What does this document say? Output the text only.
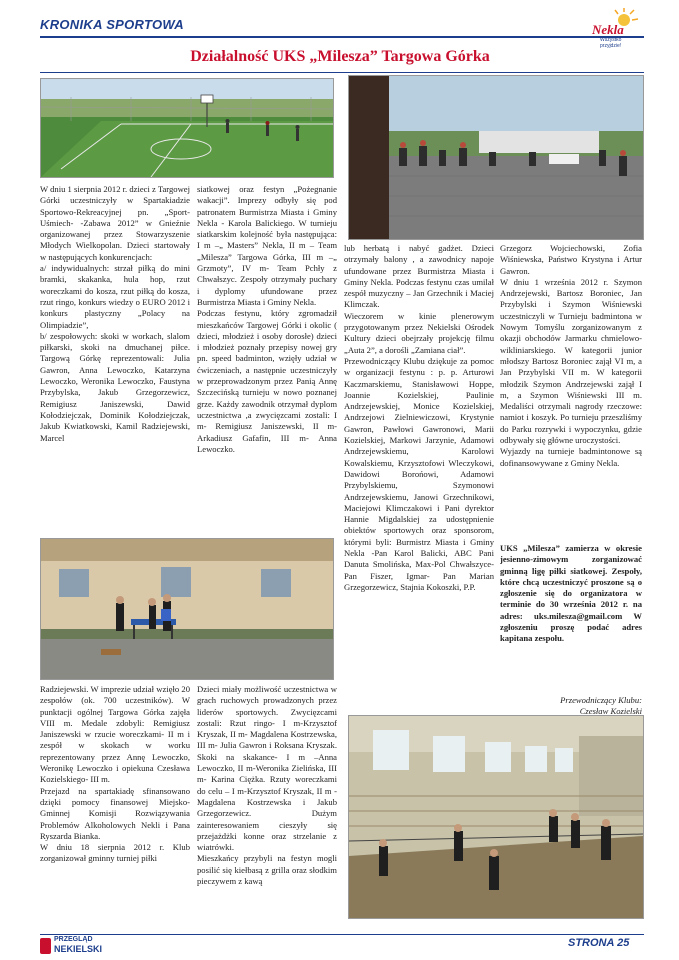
KRONIKA SPORTOWA	Nekla
Wszystko przyjdzie!
Działalność UKS „Milesza” Targowa Górka
W dniu 1 sierpnia 2012 r. dzieci z Targowej Górki uczestniczyły w Spartakiadzie Sportowo-Rekreacyjnej pn. „Sport- Uśmiech- -Zabawa 2012” w Gnieźnie organizowanej przez Stowarzyszenie Młodych Wielkopolan. Dzieci startowały w następujących konkurencjach:
a/ indywidualnych: strzał piłką do mini bramki, skakanka, hula hop, rzut woreczkami do kosza, rzut piłką do kosza, rzut ringo, konkurs wiedzy o EURO 2012 i konkurs plastyczny „Polacy na Olimpiadzie”,
b/ zespołowych: skoki w workach, slalom piłkarski, skoki na dmuchanej piłce. Targową Górkę reprezentowali: Julia Gawron, Anna Lewoczko, Katarzyna Lewoczko, Weronika Lewoczko, Faustyna Przybylska, Jakub Grzegorzewicz, Remigiusz Janiszewski, Dawid Kołodziejczak, Dominik Kołodziejczak, Jakub Kwiatkowski, Kamil Radziejewski, Marcel
siatkowej oraz festyn „Pożegnanie wakacji”. Imprezy odbyły się pod patronatem Burmistrza Miasta i Gminy Nekla - Karola Balickiego. W turnieju siatkarskim kolejność była następująca: I m –„ Masters” Nekla, II m – Team „Milesza” Targowa Górka, III m –„ Grzmoty”, IV m- Team Pchły z Chwałszyc. Zespoły otrzymały puchary i dyplomy ufundowane przez Burmistrza Miasta i Gminy Nekla.
Podczas festynu, który zgromadził mieszkańców Targowej Górki i okolic ( dzieci, młodzież i osoby dorosłe) dzieci i młodzież poznały przepisy nowej gry pn. speed badminton, wzięły udział w ćwiczeniach, a następnie uczestniczyły w przeprowadzonym przez Panią Annę Szczecińską turnieju w nowo poznanej grze. Każdy zawodnik otrzymał dyplom uczestnictwa ,a zwycięzcami zostali: I m- Remigiusz Janiszewski, II m- Arkadiusz Gafafin, III m- Anna Lewoczko.
lub herbatą i nabyć gadżet. Dzieci otrzymały balony , a zawodnicy napoje ufundowane przez Burmistrza Miasta i Gminy Nekla. Podczas festynu czas umilał zespół muzyczny – Jan Grzechnik i Maciej Klimczak.
Wieczorem w kinie plenerowym przygotowanym przez Nekielski Ośrodek Kultury dzieci obejrzały projekcję filmu „Auta 2”, a dorośli „Zamiana ciał”.
Przewodniczący Klubu dziękuje za pomoc w organizacji festynu : p. p. Arturowi Kaczmarskiemu, Stanisławowi Hoppe, Joannie Kozielskiej, Paulinie Andrzejewskiej, Monice Kozielskiej, Andrzejowi Zielniewiczowi, Krystynie Gawron, Pawłowi Gawronowi, Marii Kozielskiej, Markowi Jarzynie, Adamowi Andrzejewskiemu, Karolowi Kowalskiemu, Krzysztofowi Wleczykowi, Dawidowi Borońowi, Adamowi Przybylskiemu, Szymonowi Andrzejewskiemu, Janowi Grzechnikowi, Maciejowi Klimczakowi i Pani dyrektor Hannie Migdalskiej za udostępnienie obiektów sportowych oraz sponsorom, którymi byli: Burmistrz Miasta i Gminy Nekla -Pan Karol Balicki, ABC Pani Danuta Smolińska, Max-Pol Chwałszyce- Pan Fiszer, Igmar- Pan Marian Grzegorzewicz, Stajnia Kokoszki, P.P.
Grzegorz Wojciechowski, Zofia Wiśniewska, Państwo Krystyna i Artur Gawron.
W dniu 1 września 2012 r. Szymon Andrzejewski, Bartosz Boroniec, Jan Przybylski i Szymon Wiśniewski uczestniczyli w Turnieju badmintona w Nowym Tomyślu zorganizowanym z okazji obchodów Jarmarku chmielowo-wikliniarskiego. W kategorii junior młodszy Bartosz Boroniec zajął VI m, a Jan Przybylski VII m. W kategorii młodzik Szymon Andrzejewski zajął I m, a Szymon Wiśniewski III m. Medaliści otrzymali nagrody rzeczowe: namiot i koszyk. Po turnieju przeszliśmy do Parku rozrywki i wypoczynku, gdzie odbywały się główne uroczystości.
Wyjazdy na turnieje badmintonowe są dofinansowywane z Gminy Nekla.
UKS „Milesza” zamierza w okresie jesienno-zimowym zorganizować gminną ligę piłki siatkowej. Zespoły, które chcą uczestniczyć proszone są o zgłoszenie się do organizatora w terminie do 30 września 2012 r. na adres: uks.milesza@gmail.com W zgłoszeniu proszę podać adres kapitana zespołu.
Przewodniczący Klubu:
Czesław Kozielski
Radziejewski. W imprezie udział wzięło 20 zespołów (ok. 700 uczestników). W punktacji ogólnej Targowa Górka zajęła VIII m. Medale zdobyli: Remigiusz Janiszewski w rzucie woreczkami- II m i zespół w skokach w worku reprezentowany przez Annę Lewoczko, Weronikę Lewoczko i opiekuna Czesława Kozielskiego- III m.
Przejazd na spartakiadę sfinansowano dzięki pomocy finansowej Miejsko-Gminnej Komisji Rozwiązywania Problemów Alkoholowych Nekli i Pana Ryszarda Bianka.
W dniu 18 sierpnia 2012 r. Klub zorganizował gminny turniej piłki
Dzieci miały możliwość uczestnictwa w grach ruchowych prowadzonych przez liderów sportowych. Zwycięzcami zostali: Rzut ringo- I m-Krzysztof Kryszak, II m- Magdalena Kostrzewska, III m- Julia Gawron i Roksana Kryszak. Skoki na skakance- I m –Anna Lewoczko, II m-Weronika Zielińska, III m- Karina Ciężka. Rzuty woreczkami do celu – I m-Krzysztof Kryszak, II m -Magdalena Kostrzewska i Jakub Grzegorzewicz. Dużym zainteresowaniem cieszyły się przejażdżki konne oraz strzelanie z wiatrówki.
Mieszkańcy przybyli na festyn mogli posilić się kiełbasą z grilla oraz słodkim pieczywem z kawą
PRZEGLĄD
NEKIELSKI	STRONA 25
